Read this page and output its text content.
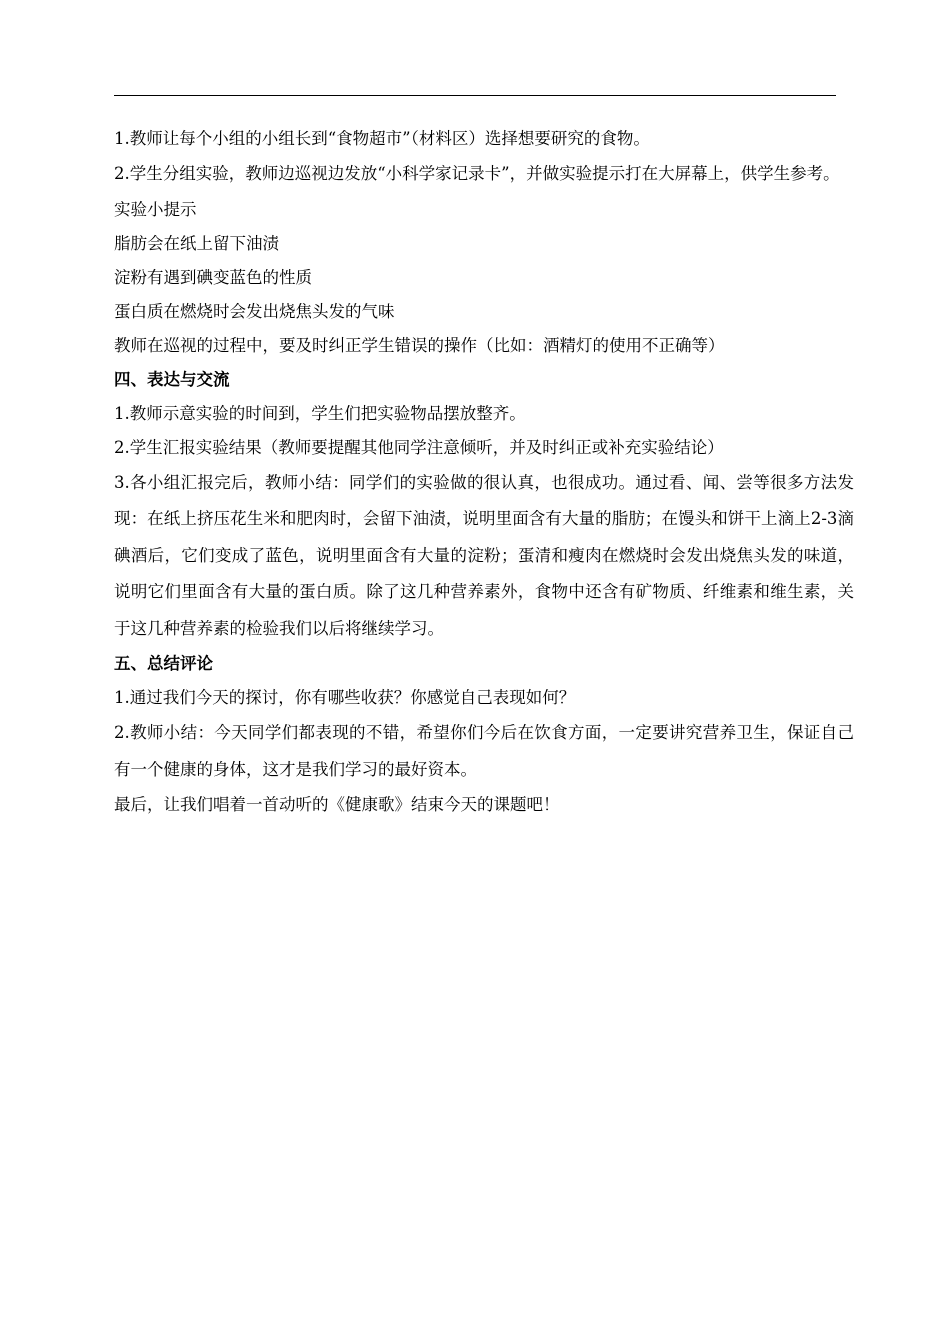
1.教师让每个小组的小组长到“食物超市”（材料区）选择想要研究的食物。

2.学生分组实验，教师边巡视边发放“小科学家记录卡”，并做实验提示打在大屏幕上，供学生参考。

实验小提示

脂肪会在纸上留下油渍

淀粉有遇到碘变蓝色的性质

蛋白质在燃烧时会发出烧焦头发的气味

教师在巡视的过程中，要及时纠正学生错误的操作（比如：酒精灯的使用不正确等）

四、表达与交流

1.教师示意实验的时间到，学生们把实验物品摆放整齐。

2.学生汇报实验结果（教师要提醒其他同学注意倾听，并及时纠正或补充实验结论）

3.各小组汇报完后，教师小结：同学们的实验做的很认真，也很成功。通过看、闻、尝等很多方法发现：在纸上挤压花生米和肥肉时，会留下油渍，说明里面含有大量的脂肪；在馒头和饼干上滴上2-3滴碘酒后，它们变成了蓝色，说明里面含有大量的淀粉；蛋清和瘦肉在燃烧时会发出烧焦头发的味道，说明它们里面含有大量的蛋白质。除了这几种营养素外，食物中还含有矿物质、纤维素和维生素，关于这几种营养素的检验我们以后将继续学习。

五、总结评论

1.通过我们今天的探讨，你有哪些收获？你感觉自己表现如何？

2.教师小结：今天同学们都表现的不错，希望你们今后在饮食方面，一定要讲究营养卫生，保证自己有一个健康的身体，这才是我们学习的最好资本。

最后，让我们唱着一首动听的《健康歌》结束今天的课题吧！
